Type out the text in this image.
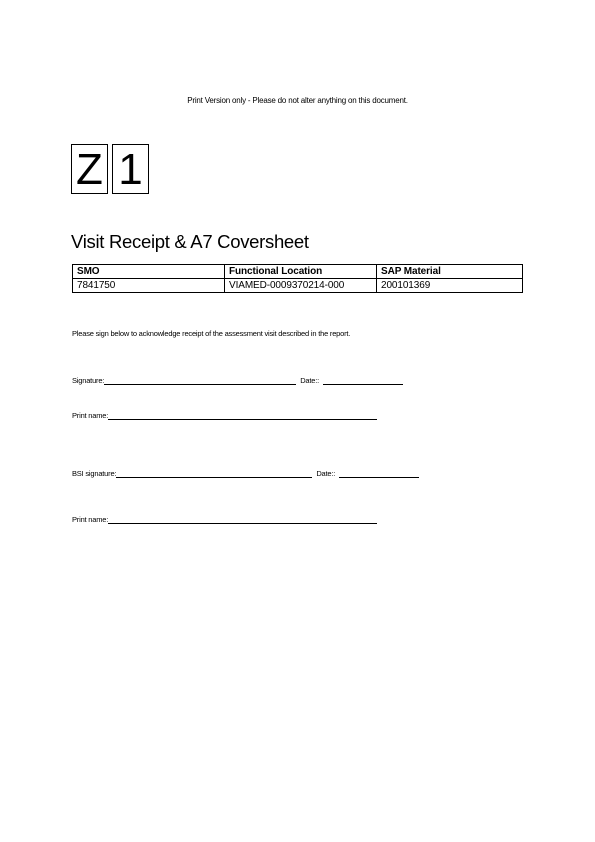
Print Version only - Please do not alter anything on this document.
Z 1
Visit Receipt & A7 Coversheet
SMO	Functional Location	SAP Material
7841750	VIAMED-0009370214-000	200101369
Please sign below to acknowledge receipt of the assessment visit described in the report.
Signature:	Date::
Print name:
BSI signature:	Date::
Print name:
